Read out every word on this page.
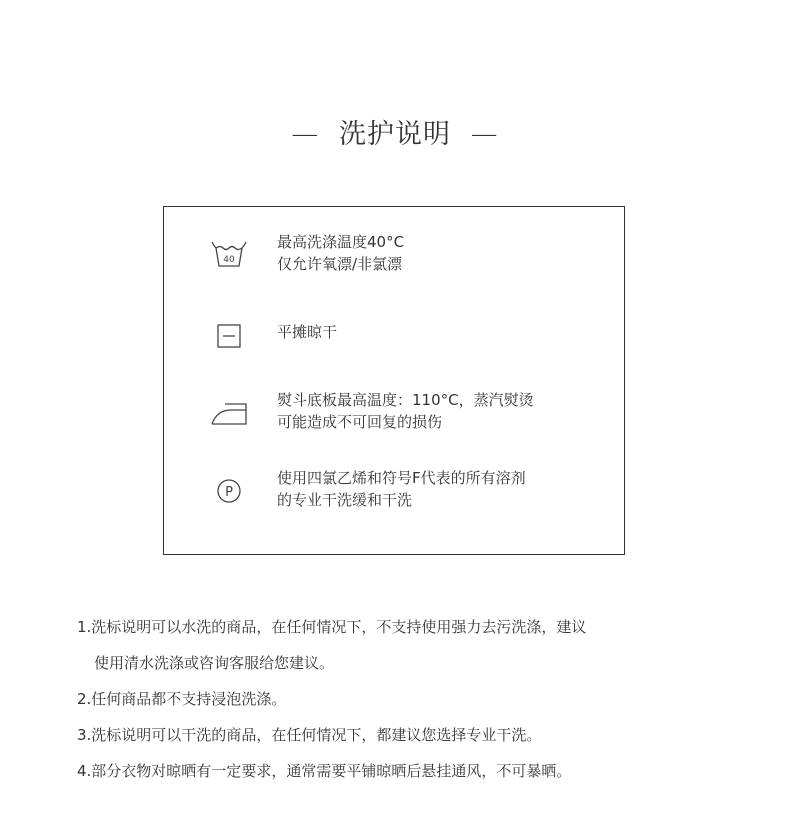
— 洗护说明 —
40
最高洗涤温度40°C
仅允许氧漂/非氯漂
平摊晾干
熨斗底板最高温度：110°C，蒸汽熨烫
可能造成不可回复的损伤
P
使用四氯乙烯和符号F代表的所有溶剂
的专业干洗缓和干洗
1.洗标说明可以水洗的商品，在任何情况下，不支持使用强力去污洗涤，建议
使用清水洗涤或咨询客服给您建议。
2.任何商品都不支持浸泡洗涤。
3.洗标说明可以干洗的商品，在任何情况下，都建议您选择专业干洗。
4.部分衣物对晾晒有一定要求，通常需要平铺晾晒后悬挂通风，不可暴晒。
